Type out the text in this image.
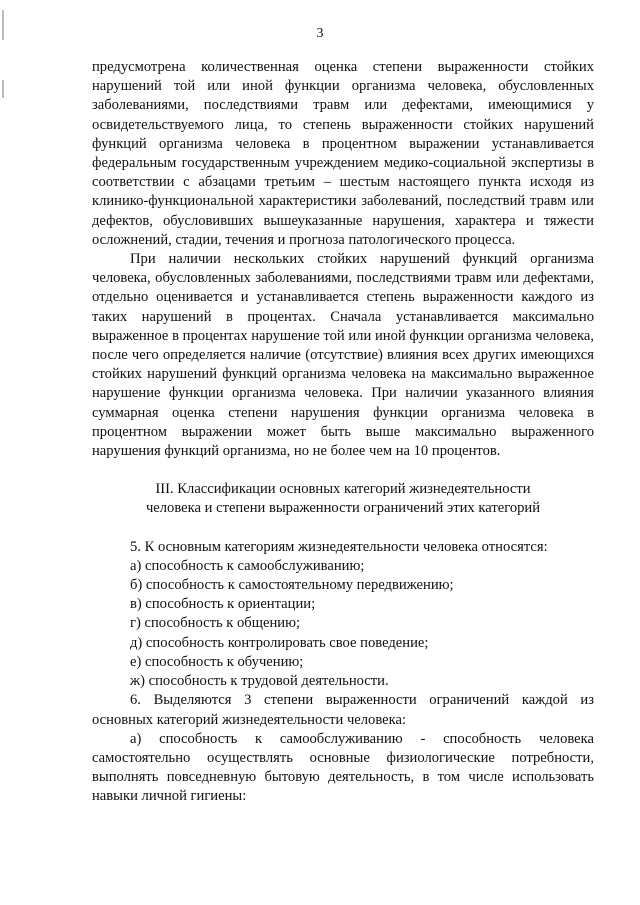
3

предусмотрена количественная оценка степени выраженности стойких нарушений той или иной функции организма человека, обусловленных заболеваниями, последствиями травм или дефектами, имеющимися у освидетельствуемого лица, то степень выраженности стойких нарушений функций организма человека в процентном выражении устанавливается федеральным государственным учреждением медико-социальной экспертизы в соответствии с абзацами третьим – шестым настоящего пункта исходя из клинико-функциональной характеристики заболеваний, последствий травм или дефектов, обусловивших вышеуказанные нарушения, характера и тяжести осложнений, стадии, течения и прогноза патологического процесса.

При наличии нескольких стойких нарушений функций организма человека, обусловленных заболеваниями, последствиями травм или дефектами, отдельно оценивается и устанавливается степень выраженности каждого из таких нарушений в процентах. Сначала устанавливается максимально выраженное в процентах нарушение той или иной функции организма человека, после чего определяется наличие (отсутствие) влияния всех других имеющихся стойких нарушений функций организма человека на максимально выраженное нарушение функции организма человека. При наличии указанного влияния суммарная оценка степени нарушения функции организма человека в процентном выражении может быть выше максимально выраженного нарушения функций организма, но не более чем на 10 процентов.

III. Классификации основных категорий жизнедеятельности
человека и степени выраженности ограничений этих категорий

5. К основным категориям жизнедеятельности человека относятся:

а) способность к самообслуживанию;
б) способность к самостоятельному передвижению;
в) способность к ориентации;
г) способность к общению;
д) способность контролировать свое поведение;
е) способность к обучению;
ж) способность к трудовой деятельности.

6. Выделяются 3 степени выраженности ограничений каждой из основных категорий жизнедеятельности человека:

а) способность к самообслуживанию - способность человека самостоятельно осуществлять основные физиологические потребности, выполнять повседневную бытовую деятельность, в том числе использовать навыки личной гигиены:
